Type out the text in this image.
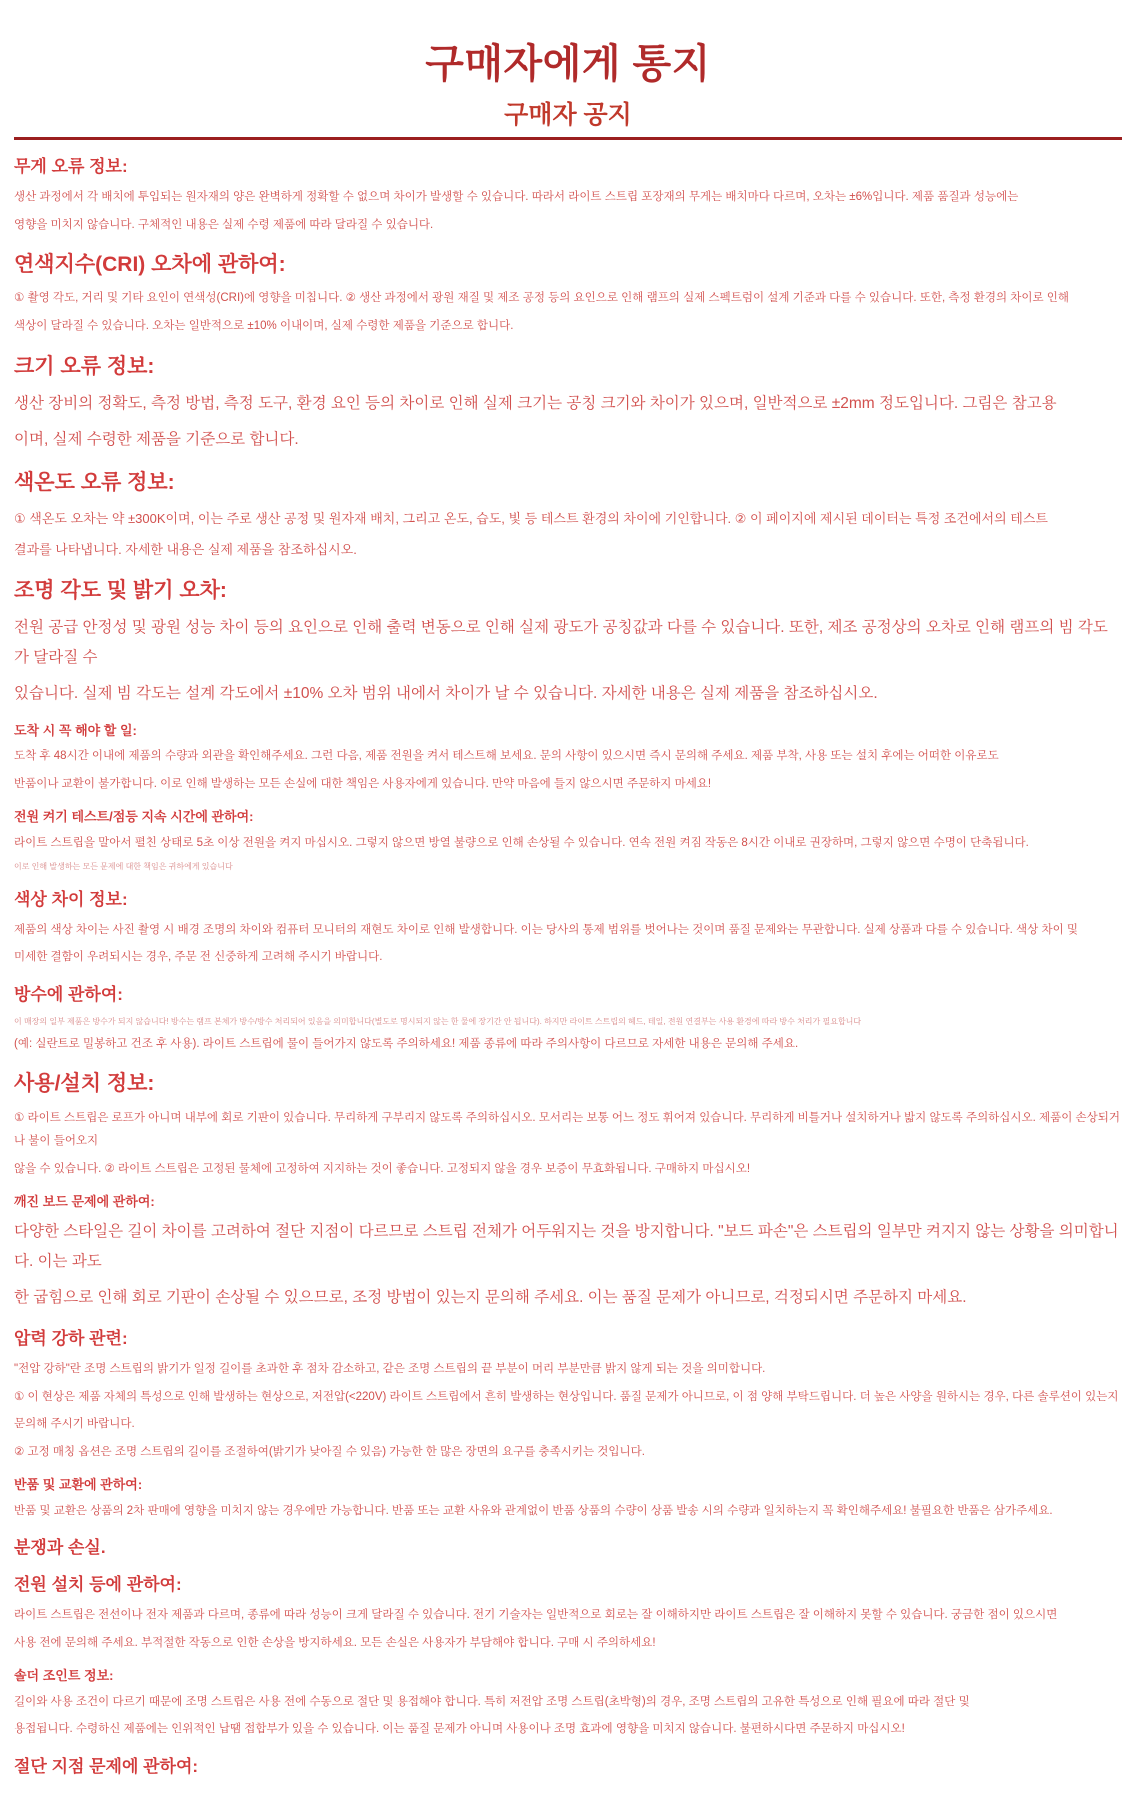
구매자에게 통지
구매자 공지
무게 오류 정보:
생산 과정에서 각 배치에 투입되는 원자재의 양은 완벽하게 정확할 수 없으며 차이가 발생할 수 있습니다. 따라서 라이트 스트립 포장재의 무게는 배치마다 다르며, 오차는 ±6%입니다. 제품 품질과 성능에는
영향을 미치지 않습니다. 구체적인 내용은 실제 수령 제품에 따라 달라질 수 있습니다.
연색지수(CRI) 오차에 관하여:
① 촬영 각도, 거리 및 기타 요인이 연색성(CRI)에 영향을 미칩니다. ② 생산 과정에서 광원 재질 및 제조 공정 등의 요인으로 인해 램프의 실제 스펙트럼이 설계 기준과 다를 수 있습니다. 또한, 측정 환경의 차이로 인해
색상이 달라질 수 있습니다. 오차는 일반적으로 ±10% 이내이며, 실제 수령한 제품을 기준으로 합니다.
크기 오류 정보:
생산 장비의 정확도, 측정 방법, 측정 도구, 환경 요인 등의 차이로 인해 실제 크기는 공칭 크기와 차이가 있으며, 일반적으로 ±2mm 정도입니다. 그림은 참고용
이며, 실제 수령한 제품을 기준으로 합니다.
색온도 오류 정보:
① 색온도 오차는 약 ±300K이며, 이는 주로 생산 공정 및 원자재 배치, 그리고 온도, 습도, 빛 등 테스트 환경의 차이에 기인합니다. ② 이 페이지에 제시된 데이터는 특정 조건에서의 테스트
결과를 나타냅니다. 자세한 내용은 실제 제품을 참조하십시오.
조명 각도 및 밝기 오차:
전원 공급 안정성 및 광원 성능 차이 등의 요인으로 인해 출력 변동으로 인해 실제 광도가 공칭값과 다를 수 있습니다. 또한, 제조 공정상의 오차로 인해 램프의 빔 각도가 달라질 수
있습니다. 실제 빔 각도는 설계 각도에서 ±10% 오차 범위 내에서 차이가 날 수 있습니다. 자세한 내용은 실제 제품을 참조하십시오.
도착 시 꼭 해야 할 일:
도착 후 48시간 이내에 제품의 수량과 외관을 확인해주세요. 그런 다음, 제품 전원을 켜서 테스트해 보세요. 문의 사항이 있으시면 즉시 문의해 주세요. 제품 부착, 사용 또는 설치 후에는 어떠한 이유로도
반품이나 교환이 불가합니다. 이로 인해 발생하는 모든 손실에 대한 책임은 사용자에게 있습니다. 만약 마음에 들지 않으시면 주문하지 마세요!
전원 켜기 테스트/점등 지속 시간에 관하여:
라이트 스트립을 말아서 펼친 상태로 5초 이상 전원을 켜지 마십시오. 그렇지 않으면 방열 불량으로 인해 손상될 수 있습니다. 연속 전원 켜짐 작동은 8시간 이내로 권장하며, 그렇지 않으면 수명이 단축됩니다.
이로 인해 발생하는 모든 문제에 대한 책임은 귀하에게 있습니다
색상 차이 정보:
제품의 색상 차이는 사진 촬영 시 배경 조명의 차이와 컴퓨터 모니터의 재현도 차이로 인해 발생합니다. 이는 당사의 통제 범위를 벗어나는 것이며 품질 문제와는 무관합니다. 실제 상품과 다를 수 있습니다. 색상 차이 및
미세한 결함이 우려되시는 경우, 주문 전 신중하게 고려해 주시기 바랍니다.
방수에 관하여:
이 매장의 일부 제품은 방수가 되지 않습니다! 방수는 램프 본체가 방수/방수 처리되어 있음을 의미합니다(별도로 명시되지 않는 한 물에 장기간 안 됩니다). 하지만 라이트 스트립의 헤드, 테일, 전원 연결부는 사용 환경에 따라 방수 처리가 필요합니다
(예: 실란트로 밀봉하고 건조 후 사용). 라이트 스트립에 물이 들어가지 않도록 주의하세요! 제품 종류에 따라 주의사항이 다르므로 자세한 내용은 문의해 주세요.
사용/설치 정보:
① 라이트 스트립은 로프가 아니며 내부에 회로 기판이 있습니다. 무리하게 구부리지 않도록 주의하십시오. 모서리는 보통 어느 정도 휘어져 있습니다. 무리하게 비틀거나 설치하거나 밟지 않도록 주의하십시오. 제품이 손상되거나 불이 들어오지
않을 수 있습니다. ② 라이트 스트립은 고정된 물체에 고정하여 지지하는 것이 좋습니다. 고정되지 않을 경우 보증이 무효화됩니다. 구매하지 마십시오!
깨진 보드 문제에 관하여:
다양한 스타일은 길이 차이를 고려하여 절단 지점이 다르므로 스트립 전체가 어두워지는 것을 방지합니다. "보드 파손"은 스트립의 일부만 켜지지 않는 상황을 의미합니다. 이는 과도
한 굽힘으로 인해 회로 기판이 손상될 수 있으므로, 조정 방법이 있는지 문의해 주세요. 이는 품질 문제가 아니므로, 걱정되시면 주문하지 마세요.
압력 강하 관련:
"전압 강하"란 조명 스트립의 밝기가 일정 길이를 초과한 후 점차 감소하고, 같은 조명 스트립의 끝 부분이 머리 부분만큼 밝지 않게 되는 것을 의미합니다.
① 이 현상은 제품 자체의 특성으로 인해 발생하는 현상으로, 저전압(<220V) 라이트 스트립에서 흔히 발생하는 현상입니다. 품질 문제가 아니므로, 이 점 양해 부탁드립니다. 더 높은 사양을 원하시는 경우, 다른 솔루션이 있는지
문의해 주시기 바랍니다.
② 고정 매칭 옵션은 조명 스트립의 길이를 조절하여(밝기가 낮아질 수 있음) 가능한 한 많은 장면의 요구를 충족시키는 것입니다.
반품 및 교환에 관하여:
반품 및 교환은 상품의 2차 판매에 영향을 미치지 않는 경우에만 가능합니다. 반품 또는 교환 사유와 관계없이 반품 상품의 수량이 상품 발송 시의 수량과 일치하는지 꼭 확인해주세요! 불필요한 반품은 삼가주세요.
분쟁과 손실.
전원 설치 등에 관하여:
라이트 스트립은 전선이나 전자 제품과 다르며, 종류에 따라 성능이 크게 달라질 수 있습니다. 전기 기술자는 일반적으로 회로는 잘 이해하지만 라이트 스트립은 잘 이해하지 못할 수 있습니다. 궁금한 점이 있으시면
사용 전에 문의해 주세요. 부적절한 작동으로 인한 손상을 방지하세요. 모든 손실은 사용자가 부담해야 합니다. 구매 시 주의하세요!
솔더 조인트 정보:
길이와 사용 조건이 다르기 때문에 조명 스트립은 사용 전에 수동으로 절단 및 용접해야 합니다. 특히 저전압 조명 스트립(초박형)의 경우, 조명 스트립의 고유한 특성으로 인해 필요에 따라 절단 및
용접됩니다. 수령하신 제품에는 인위적인 납땜 접합부가 있을 수 있습니다. 이는 품질 문제가 아니며 사용이나 조명 효과에 영향을 미치지 않습니다. 불편하시다면 주문하지 마십시오!
절단 지점 문제에 관하여:
